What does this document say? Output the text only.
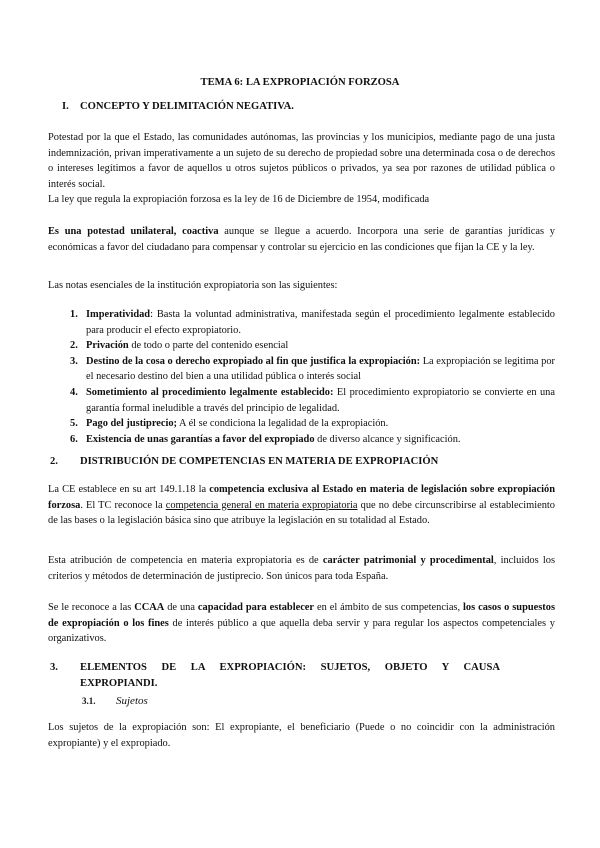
TEMA 6: LA EXPROPIACIÓN FORZOSA
I. CONCEPTO Y DELIMITACIÓN NEGATIVA.

Potestad por la que el Estado, las comunidades autónomas, las provincias y los municipios, mediante pago de una justa indemnización, privan imperativamente a un sujeto de su derecho de propiedad sobre una determinada cosa o de derechos o intereses legítimos a favor de aquellos u otros sujetos públicos o privados, ya sea por razones de utilidad pública o interés social.

La ley que regula la expropiación forzosa es la ley de 16 de Diciembre de 1954, modificada

Es una potestad unilateral, coactiva aunque se llegue a acuerdo. Incorpora una serie de garantías jurídicas y económicas a favor del ciudadano para compensar y controlar su ejercicio en las condiciones que fijan la CE y la ley.

Las notas esenciales de la institución expropiatoria son las siguientes:

1. Imperatividad: Basta la voluntad administrativa, manifestada según el procedimiento legalmente establecido para producir el efecto expropiatorio.
2. Privación de todo o parte del contenido esencial
3. Destino de la cosa o derecho expropiado al fin que justifica la expropiación: La expropiación se legitima por el necesario destino del bien a una utilidad pública o interés social
4. Sometimiento al procedimiento legalmente establecido: El procedimiento expropiatorio se convierte en una garantía formal ineludible a través del principio de legalidad.
5. Pago del justiprecio; A él se condiciona la legalidad de la expropiación.
6. Existencia de unas garantías a favor del expropiado de diverso alcance y significación.
2. DISTRIBUCIÓN DE COMPETENCIAS EN MATERIA DE EXPROPIACIÓN

La CE establece en su art 149.1.18 la competencia exclusiva al Estado en materia de legislación sobre expropiación forzosa. El TC reconoce la competencia general en materia expropiatoria que no debe circunscribirse al establecimiento de las bases o la legislación básica sino que atribuye la legislación en su totalidad al Estado.

Esta atribución de competencia en materia expropiatoria es de carácter patrimonial y procedimental, incluidos los criterios y métodos de determinación de justiprecio. Son únicos para toda España.

Se le reconoce a las CCAA de una capacidad para establecer en el ámbito de sus competencias, los casos o supuestos de expropiación o los fines de interés público a que aquella deba servir y para regular los aspectos competenciales y organizativos.

3. ELEMENTOS DE LA EXPROPIACIÓN: SUJETOS, OBJETO Y CAUSA
EXPROPIANDI.
3.1. Sujetos

Los sujetos de la expropiación son: El expropiante, el beneficiario (Puede o no coincidir con la administración expropiante) y el expropiado.
